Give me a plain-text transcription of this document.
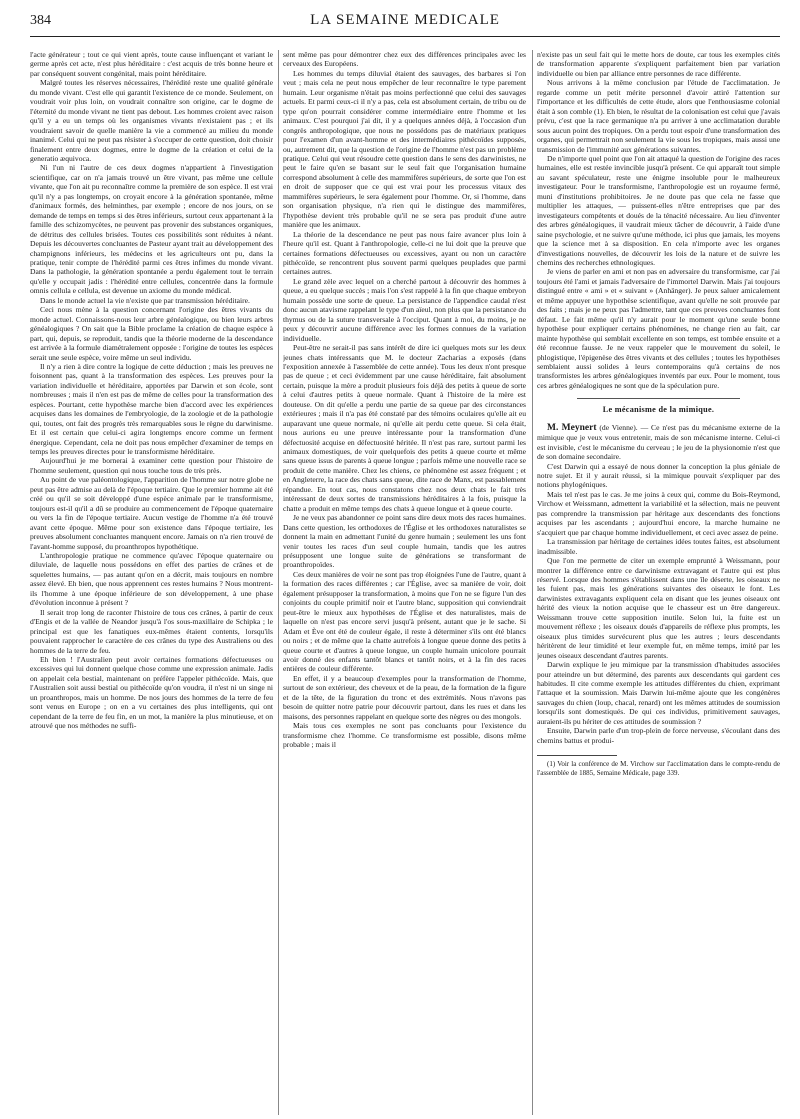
384	LA SEMAINE MEDICALE

l'acte générateur ; tout ce qui vient après, toute cause influençant et variant le germe après cet acte, n'est plus héréditaire : c'est acquis de très bonne heure et par conséquent souvent congénital, mais point héréditaire.

Malgré toutes les réserves nécessaires, l'hérédité reste une qualité générale du monde vivant. C'est elle qui garantit l'existence de ce monde. Seulement, on voudrait voir plus loin, on voudrait connaître son origine, car le dogme de l'éternité du monde vivant ne tient pas debout. Les hommes croient avec raison qu'il y a eu un temps où les organismes vivants n'existaient pas ; et ils voudraient savoir de quelle manière la vie a commencé au milieu du monde inanimé. Celui qui ne peut pas résister à s'occuper de cette question, doit choisir finalement entre deux dogmes, entre le dogme de la création et celui de la generatio æquivoca.

Ni l'un ni l'autre de ces deux dogmes n'appartient à l'investigation scientifique, car on n'a jamais trouvé un être vivant, pas même une cellule vivante, que l'on ait pu reconnaître comme la première de son espèce. Il est vrai qu'il n'y a pas longtemps, on croyait encore à la génération spontanée, même d'animaux formés, des helminthes, par exemple ; encore de nos jours, on se demande de temps en temps si des êtres inférieurs, surtout ceux appartenant à la famille des schizomycètes, ne peuvent pas provenir des substances organiques, de détritus des cellules brisées. Toutes ces possibilités sont réduites à néant. Depuis les découvertes concluantes de Pasteur ayant trait au développement des champignons inférieurs, les médecins et les agriculteurs ont pu, dans la pratique, tenir compte de l'hérédité parmi ces êtres infimes du monde vivant. Dans la pathologie, la génération spontanée a perdu également tout le terrain qu'elle y occupait jadis : l'hérédité entre cellules, concentrée dans la formule omnis cellula e cellula, est devenue un axiome du monde médical.

Dans le monde actuel la vie n'existe que par transmission héréditaire.

Ceci nous mène à la question concernant l'origine des êtres vivants du monde actuel. Connaissons-nous leur arbre généalogique, ou bien leurs arbres généalogiques ? On sait que la Bible proclame la création de chaque espèce à part, qui, depuis, se reproduit, tandis que la théorie moderne de la descendance est arrivée à la formule diamétralement opposée : l'origine de toutes les espèces serait une seule espèce, voire même un seul individu.

Il n'y a rien à dire contre la logique de cette déduction ; mais les preuves ne foisonnent pas, quant à la transformation des espèces. Les preuves pour la variation individuelle et héréditaire, apportées par Darwin et son école, sont nombreuses ; mais il n'en est pas de même de celles pour la transformation des espèces. Pourtant, cette hypothèse marche bien d'accord avec les expériences acquises dans les domaines de l'embryologie, de la zoologie et de la pathologie qui, toutes, ont fait des progrès très remarquables sous le règne du darwinisme. Et il est certain que celui-ci agira longtemps encore comme un ferment énergique. Cependant, cela ne doit pas nous empêcher d'examiner de temps en temps les preuves directes pour le transformisme héréditaire.

Aujourd'hui je me bornerai à examiner cette question pour l'histoire de l'homme seulement, question qui nous touche tous de très près.

Au point de vue paléontologique, l'apparition de l'homme sur notre globe ne peut pas être admise au delà de l'époque tertiaire. Que le premier homme ait été créé ou qu'il se soit développé d'une espèce animale par le transformisme, toujours est-il qu'il a dû se produire au commencement de l'époque quaternaire ou vers la fin de l'époque tertiaire. Aucun vestige de l'homme n'a été trouvé avant cette époque. Même pour son existence dans l'époque tertiaire, les preuves absolument concluantes manquent encore. Jamais on n'a rien trouvé de l'avant-homme supposé, du proanthropos hypothétique.

L'anthropologie pratique ne commence qu'avec l'époque quaternaire ou diluviale, de laquelle nous possédons en effet des parties de crânes et de squelettes humains, — pas autant qu'on en a décrit, mais toujours en nombre assez élevé. Eh bien, que nous apprennent ces restes humains ? Nous montrent-ils l'homme à une époque inférieure de son développement, à une phase d'évolution inconnue à présent ?

Il serait trop long de raconter l'histoire de tous ces crânes, à partir de ceux d'Engis et de la vallée de Neandor jusqu'à l'os sous-maxillaire de Schipka ; le principal est que les fanatiques eux-mêmes étaient contents, lorsqu'ils pouvaient rapprocher le caractère de ces crânes du type des Australiens ou des hommes de la terre de feu.

Eh bien ! l'Australien peut avoir certaines formations défectueuses ou excessives qui lui donnent quelque chose comme une expression animale. Jadis on appelait cela bestial, maintenant on préfère l'appeler pithécoïde. Mais, que l'Australien soit aussi bestial ou pithécoïde qu'on voudra, il n'est ni un singe ni un proanthropos, mais un homme. De nos jours des hommes de la terre de feu sont venus en Europe ; on en a vu certaines des plus intelligents, qui ont cependant de la terre de feu fin, en un mot, la manière la plus minutieuse, et on atrouvé que nos méthodes ne suffi-

sent même pas pour démontrer chez eux des différences principales avec les cerveaux des Européens.

Les hommes du temps diluvial étaient des sauvages, des barbares si l'on veut ; mais cela ne peut nous empêcher de leur reconnaître le type parement humain. Leur organisme n'était pas moins perfectionné que celui des sauvages actuels. Et parmi ceux-ci il n'y a pas, cela est absolument certain, de tribu ou de type qu'on pourrait considérer comme intermédiaire entre l'homme et les animaux. C'est pourquoi j'ai dit, il y a quelques années déjà, à l'occasion d'un congrès anthropologique, que nous ne possédons pas de matériaux pratiques pour l'examen d'un avant-homme et des intermédiaires pithécoïdes supposés, ou, autrement dit, que la question de l'origine de l'homme n'est pas un problème pratique. Celui qui veut résoudre cette question dans le sens des darwinistes, ne peut le faire qu'en se basant sur le seul fait que l'organisation humaine correspond absolument à celle des mammifères supérieurs, de sorte que l'on est en droit de supposer que ce qui est vrai pour les processus vitaux des mammifères supérieurs, le sera également pour l'homme. Or, si l'homme, dans son organisation physique, n'a rien qui le distingue des mammifères, l'hypothèse devient très probable qu'il ne se sera pas produit d'une autre manière que les animaux.

La théorie de la descendance ne peut pas nous faire avancer plus loin à l'heure qu'il est. Quant à l'anthropologie, celle-ci ne lui doit que la preuve que certaines formations défectueuses ou excessives, ayant ou non un caractère pithécoïde, se rencontrent plus souvent parmi quelques peuplades que parmi certaines autres.

Le grand zèle avec lequel on a cherché partout à découvrir des hommes à queue, a eu quelque succès ; mais l'on s'est rappelé à la fin que chaque embryon humain possède une sorte de queue. La persistance de l'appendice caudal n'est donc aucun atavisme rappelant le type d'un aïeul, non plus que la persistance du thymus ou de la suture transversale à l'occiput. Quant à moi, du moins, je ne peux y découvrir aucune différence avec les formes connues de la variation individuelle.

Peut-être ne serait-il pas sans intérêt de dire ici quelques mots sur les deux jeunes chats intéressants que M. le docteur Zacharias a exposés (dans l'exposition annexée à l'assemblée de cette année). Tous les deux n'ont presque pas de queue ; et ceci évidemment par une cause héréditaire, fait absolument certain, puisque la mère a produit plusieurs fois déjà des petits à queue de sorte à celui d'autres petits à queue normale. Quant à l'histoire de la mère est douteuse. On dit qu'elle a perdu une partie de sa queue par des circonstances extérieures ; mais il n'a pas été constaté par des témoins oculaires qu'elle ait eu auparavant une queue normale, ni qu'elle ait perdu cette queue. Si cela était, nous aurions eu une preuve intéressante pour la transformation d'une défectuosité acquise en défectuosité héritée. Il n'est pas rare, surtout parmi les animaux domestiques, de voir quelquefois des petits à queue courte et même sans queue issus de parents à queue longue ; parfois même une nouvelle race se produit de cette manière. Chez les chiens, ce phénomène est assez fréquent ; et en Angleterre, la race des chats sans queue, dite race de Manx, est passablement répandue. En tout cas, nous constatons chez nos deux chats le fait très intéressant de deux sortes de transmissions héréditaires à la fois, puisque la chatte a produit en même temps des chats à queue longue et à queue courte.

Je ne veux pas abandonner ce point sans dire deux mots des races humaines. Dans cette question, les orthodoxes de l'Église et les orthodoxes naturalistes se donnent la main en admettant l'unité du genre humain ; seulement les uns font venir toutes les races d'un seul couple humain, tandis que les autres présupposent une longue suite de générations se transformant de proanthropoïdes.

Ces deux manières de voir ne sont pas trop éloignées l'une de l'autre, quant à la formation des races différentes ; car l'Église, avec sa manière de voir, doit également présupposer la transformation, à moins que l'on ne se figure l'un des conjoints du couple primitif noir et l'autre blanc, supposition qui conviendrait peut-être le mieux aux hypothèses de l'Église et des naturalistes, mais de laquelle on n'est pas encore servi jusqu'à présent, autant que je le sache. Si Adam et Ève ont été de couleur égale, il reste à déterminer s'ils ont été blancs ou noirs ; et de même que la chatte autrefois à longue queue donne des petits à queue courte et d'autres à queue longue, un couple humain unicolore pourrait avoir donné des enfants tantôt blancs et tantôt noirs, et à la fin des races entières de couleur différente.

En effet, il y a beaucoup d'exemples pour la transformation de l'homme, surtout de son extérieur, des cheveux et de la peau, de la formation de la figure et de la tête, de la figuration du tronc et des extrémités. Nous n'avons pas besoin de quitter notre patrie pour découvrir partout, dans les rues et dans les maisons, des personnes rappelant en quelque sorte des nègres ou des mongols.

Mais tous ces exemples ne sont pas concluants pour l'existence du transformisme chez l'homme. Ce transformisme est possible, disons même probable ; mais il

n'existe pas un seul fait qui le mette hors de doute, car tous les exemples cités de transformation apparente s'expliquent parfaitement bien par variation individuelle ou bien par alliance entre personnes de race différente.

Nous arrivons à la même conclusion par l'étude de l'acclimatation. Je regarde comme un petit mérite personnel d'avoir attiré l'attention sur l'importance et les difficultés de cette étude, alors que l'enthousiasme colonial était à son comble (1). Eh bien, le résultat de la colonisation est celui que j'avais prévu, c'est que la race germanique n'a pu arriver à une acclimatation durable sous aucun point des tropiques. On a perdu tout espoir d'une transformation des organes, qui permettrait non seulement la vie sous les tropiques, mais aussi une transmission de l'immunité aux générations suivantes.

De n'importe quel point que l'on ait attaqué la question de l'origine des races humaines, elle est restée invincible jusqu'à présent. Ce qui apparaît tout simple au savant spéculateur, reste une énigme insoluble pour le malheureux investigateur. Pour le transformisme, l'anthropologie est un royaume fermé, muni d'institutions prohibitoires. Je ne doute pas que cela ne fasse que multiplier les attaques, — puissent-elles n'être entreprises que par des investigateurs compétents et doués de la ténacité nécessaire. Au lieu d'inventer des arbres généalogiques, il vaudrait mieux tâcher de découvrir, à l'aide d'une saine psychologie, et ne suivre qu'une méthode, ici plus que jamais, les moyens que la science met à sa disposition. En cela n'importe avec les organes d'investigations nouvelles, de découvrir les lois de la nature et de suivre les chemins des recherches ethnologiques.

Je viens de parler en ami et non pas en adversaire du transformisme, car j'ai toujours été l'ami et jamais l'adversaire de l'immortel Darwin. Mais j'ai toujours distingué entre « ami » et « suivant » (Anhänger). Je peux saluer amicalement et même appuyer une hypothèse scientifique, avant qu'elle ne soit prouvée par des faits ; mais je ne peux pas l'admettre, tant que ces preuves concluantes font défaut. Le fait même qu'il n'y aurait pour le moment qu'une seule bonne hypothèse pour expliquer certains phénomènes, ne change rien au fait, car mainte hypothèse qui semblait excellente en son temps, est tombée ensuite et a été reconnue fausse. Je ne veux rappeler que le mouvement du soleil, le phlogistique, l'épigenèse des êtres vivants et des cellules ; toutes les hypothèses semblaient aussi solides à leurs contemporains qu'à certains de nos transformistes les arbres généalogiques inventés par eux. Pour le moment, tous ces arbres généalogiques ne sont que de la spéculation pure.

Le mécanisme de la mimique.

M. Meynert (de Vienne). — Ce n'est pas du mécanisme externe de la mimique que je veux vous entretenir, mais de son mécanisme interne. Celui-ci est invisible, c'est le mécanisme du cerveau ; le jeu de la physionomie n'est que de son domaine secondaire.

C'est Darwin qui a essayé de nous donner la conception la plus géniale de notre sujet. Et il y aurait réussi, si la mimique pouvait s'expliquer par des notions phylogéniques.

Mais tel n'est pas le cas. Je me joins à ceux qui, comme du Bois-Reymond, Virchow et Weissmann, admettent la variabilité et la sélection, mais ne peuvent pas comprendre la transmission par héritage aux descendants des fonctions acquises par les ascendants ; aujourd'hui encore, la marche humaine ne s'acquiert que par chaque homme individuellement, et ceci avec assez de peine.

La transmission par héritage de certaines idées toutes faites, est absolument inadmissible.

Que l'on me permette de citer un exemple emprunté à Weissmann, pour montrer la différence entre ce darwinisme extravagant et l'autre qui est plus réservé. Lorsque des hommes s'établissent dans une île déserte, les oiseaux ne les fuient pas, mais les générations suivantes des oiseaux le font. Les darwinistes extravagants expliquent cela en disant que les jeunes oiseaux ont hérité des vieux la notion acquise que le chasseur est un être dangereux. Weissmann trouve cette supposition inutile. Selon lui, la fuite est un mouvement réflexe ; les oiseaux doués d'appareils de réflexe plus prompts, les oiseaux plus timides survécurent plus que les autres ; leurs descendants héritèrent de leur timidité et leur exemple fut, en même temps, imité par les jeunes oiseaux descendant d'autres parents.

Darwin explique le jeu mimique par la transmission d'habitudes associées pour atteindre un but déterminé, des parents aux descendants qui gardent ces habitudes. Il cite comme exemple les attitudes différentes du chien, exprimant l'attaque et la soumission. Mais Darwin lui-même ajoute que les congénères sauvages du chien (loup, chacal, renard) ont les mêmes attitudes de soumission lorsqu'ils sont domestiqués. De qui ces individus, primitivement sauvages, auraient-ils pu hériter de ces attitudes de soumission ?

Ensuite, Darwin parle d'un trop-plein de force nerveuse, s'écoulant dans des chemins battus et produi-

(1) Voir la conférence de M. Virchow sur l'acclimatation dans le compte-rendu de l'assemblée de 1885, Semaine Médicale, page 339.
